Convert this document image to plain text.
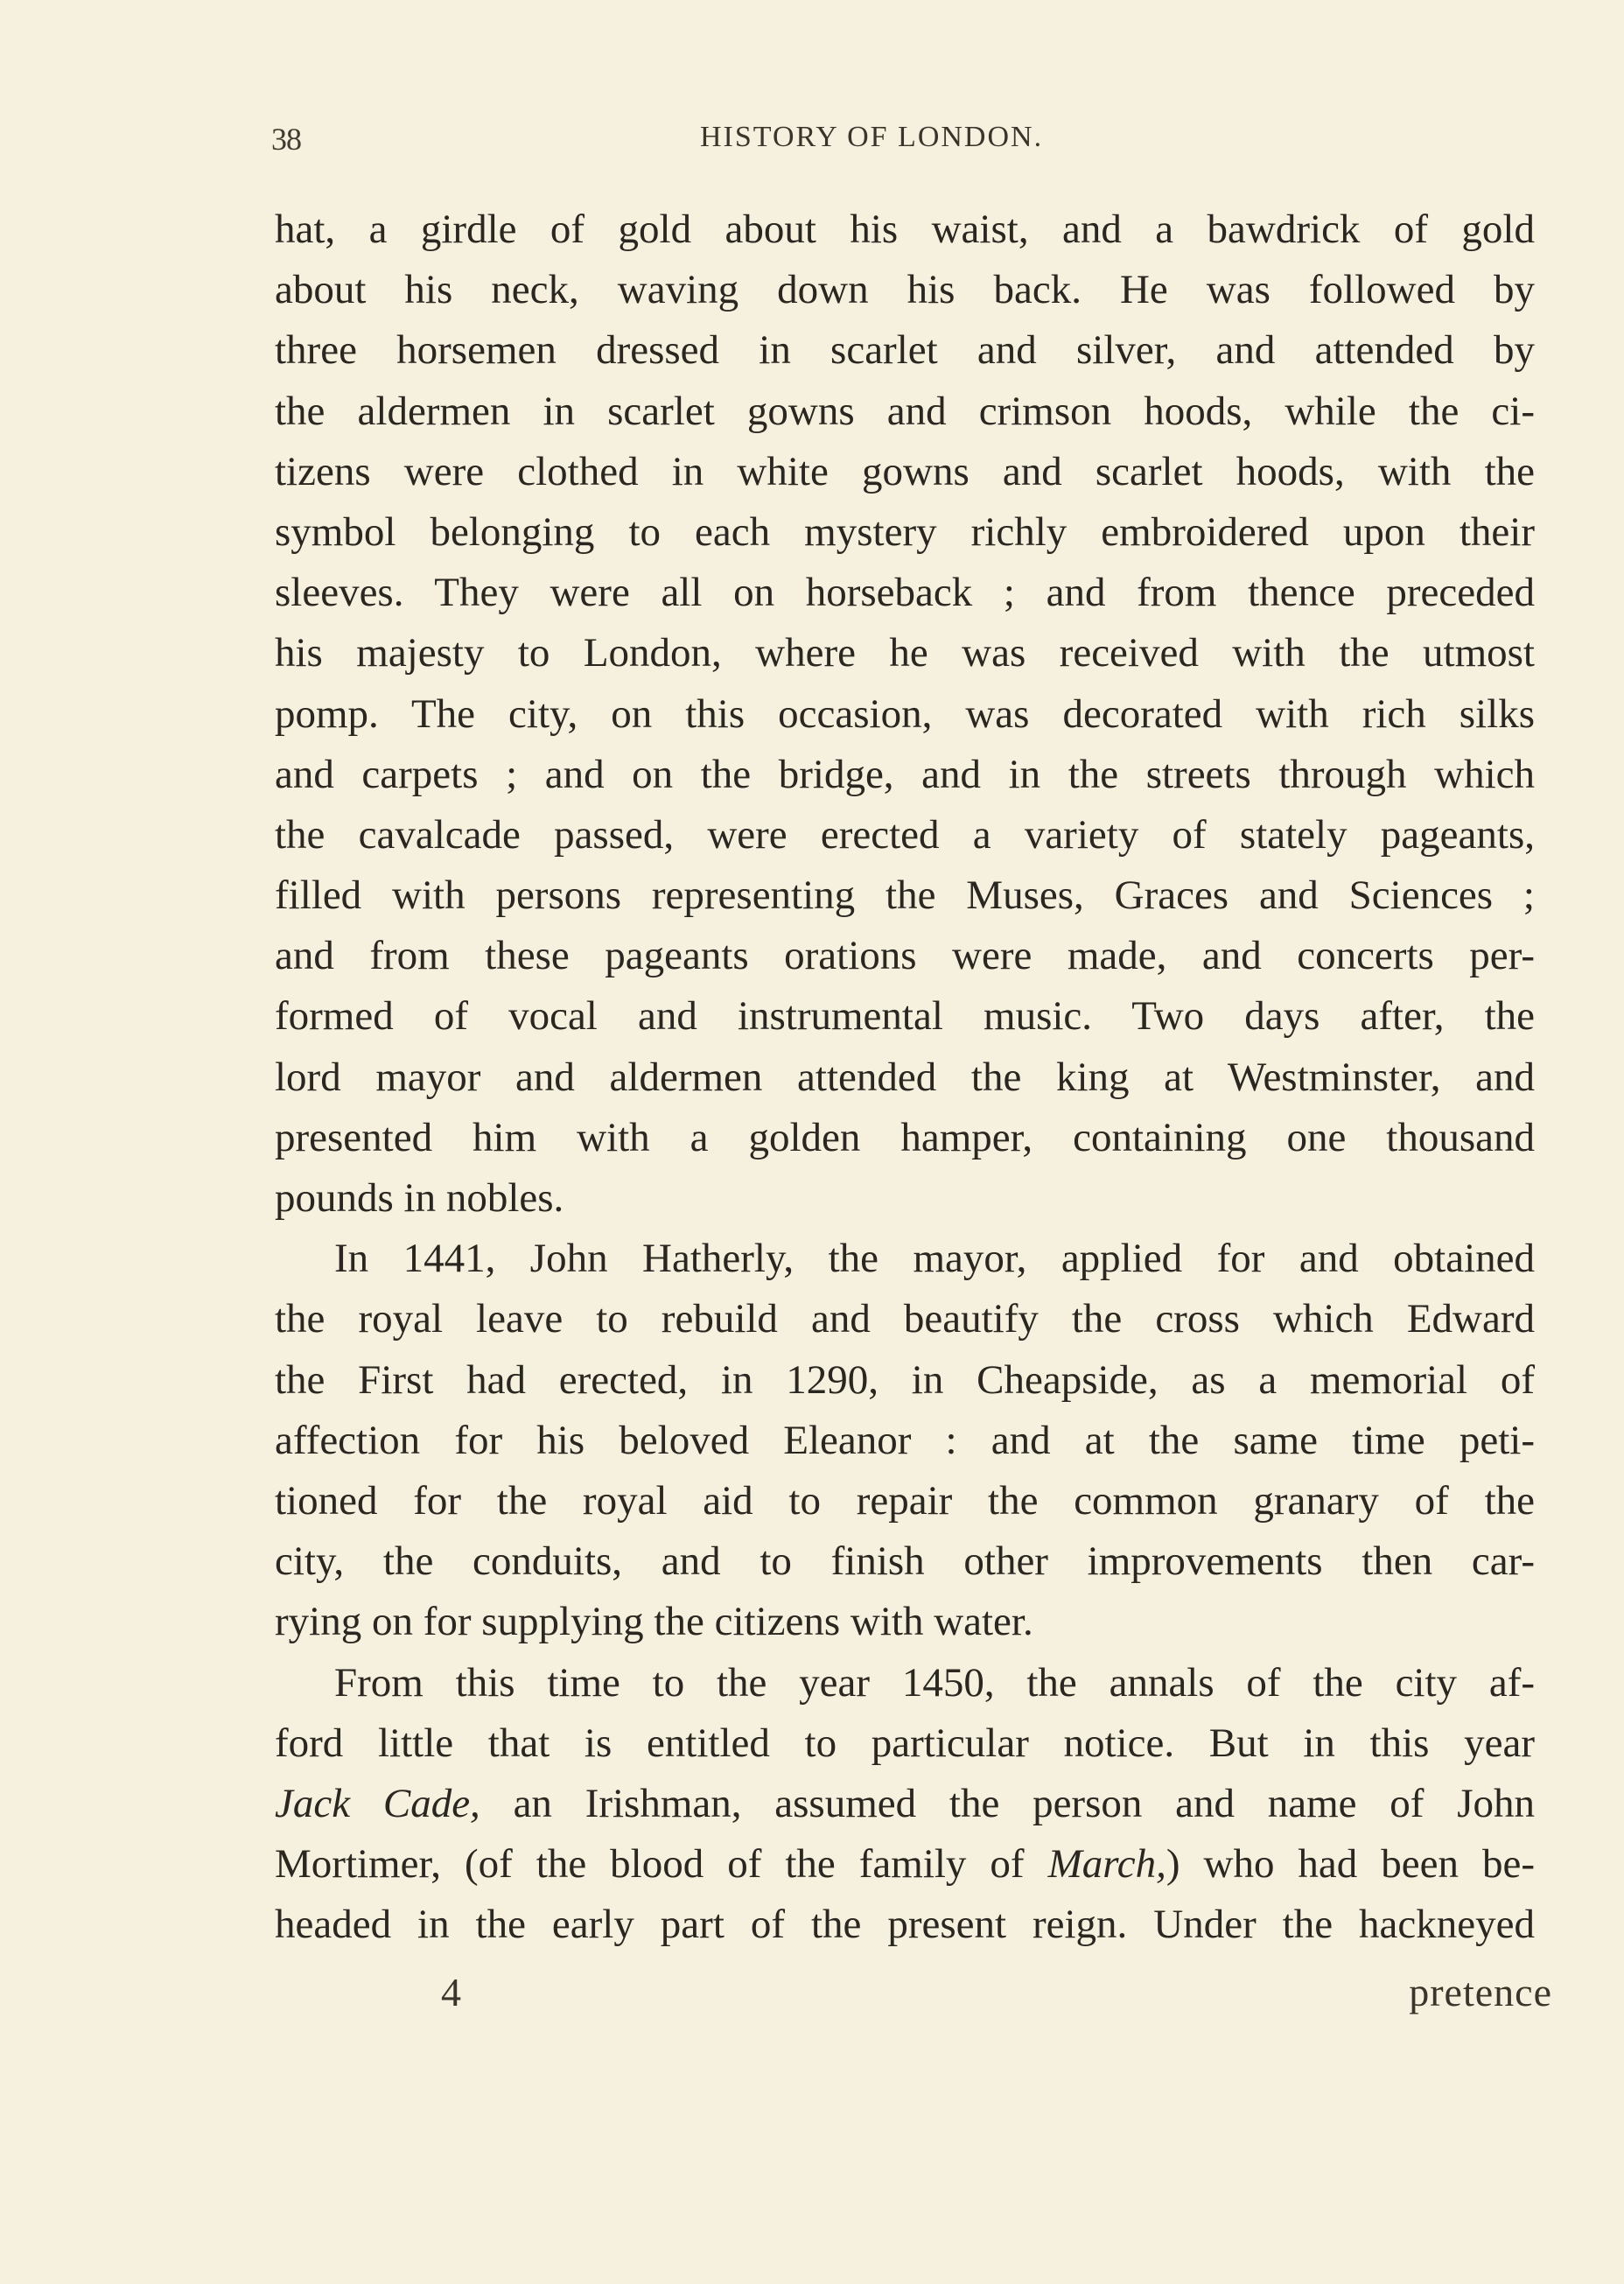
38	HISTORY OF LONDON.
hat, a girdle of gold about his waist, and a bawdrick of gold
about his neck, waving down his back. He was followed by
three horsemen dressed in scarlet and silver, and attended by
the aldermen in scarlet gowns and crimson hoods, while the ci-
tizens were clothed in white gowns and scarlet hoods, with the
symbol belonging to each mystery richly embroidered upon their
sleeves. They were all on horseback ; and from thence preceded
his majesty to London, where he was received with the utmost
pomp. The city, on this occasion, was decorated with rich silks
and carpets ; and on the bridge, and in the streets through which
the cavalcade passed, were erected a variety of stately pageants,
filled with persons representing the Muses, Graces and Sciences ;
and from these pageants orations were made, and concerts per-
formed of vocal and instrumental music. Two days after, the
lord mayor and aldermen attended the king at Westminster, and
presented him with a golden hamper, containing one thousand
pounds in nobles.
In 1441, John Hatherly, the mayor, applied for and obtained
the royal leave to rebuild and beautify the cross which Edward
the First had erected, in 1290, in Cheapside, as a memorial of
affection for his beloved Eleanor : and at the same time peti-
tioned for the royal aid to repair the common granary of the
city, the conduits, and to finish other improvements then car-
rying on for supplying the citizens with water.
From this time to the year 1450, the annals of the city af-
ford little that is entitled to particular notice. But in this year
Jack Cade, an Irishman, assumed the person and name of John
Mortimer, (of the blood of the family of March,) who had been be-
headed in the early part of the present reign. Under the hackneyed
4	pretence
